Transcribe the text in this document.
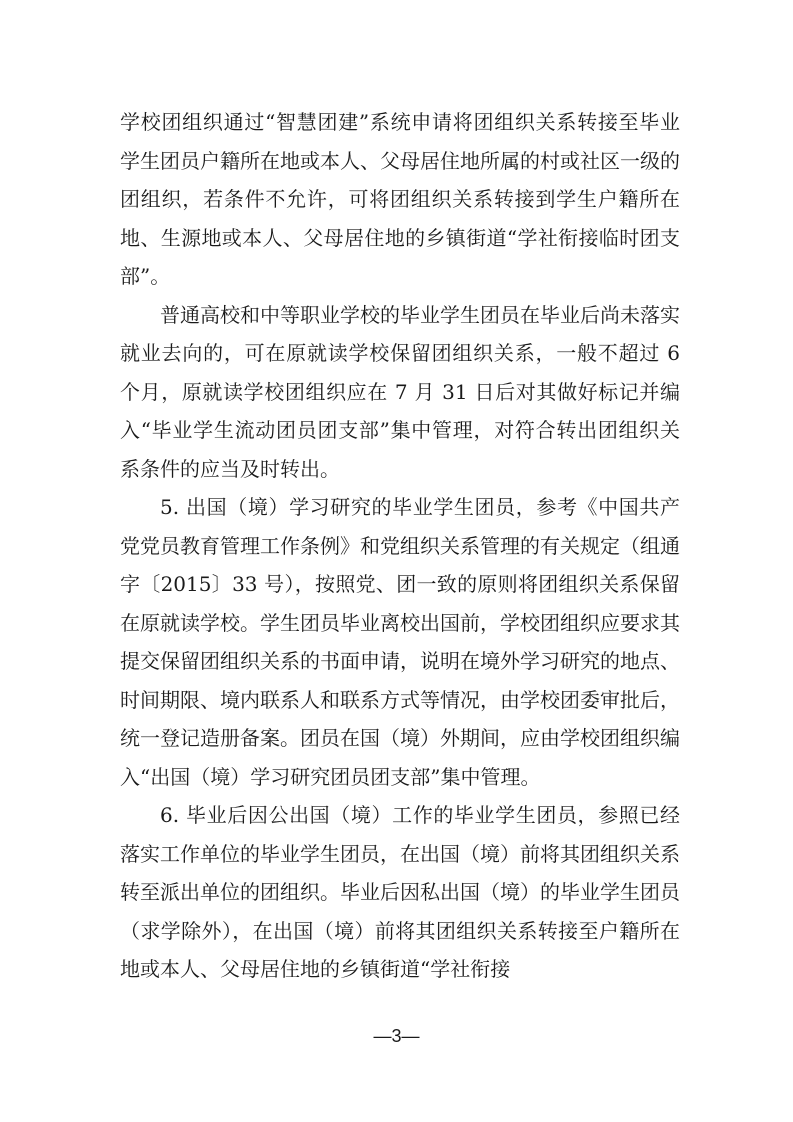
学校团组织通过“智慧团建”系统申请将团组织关系转接至毕业学生团员户籍所在地或本人、父母居住地所属的村或社区一级的团组织，若条件不允许，可将团组织关系转接到学生户籍所在地、生源地或本人、父母居住地的乡镇街道“学社衔接临时团支部”。

普通高校和中等职业学校的毕业学生团员在毕业后尚未落实就业去向的，可在原就读学校保留团组织关系，一般不超过 6 个月，原就读学校团组织应在 7 月 31 日后对其做好标记并编入“毕业学生流动团员团支部”集中管理，对符合转出团组织关系条件的应当及时转出。

5. 出国（境）学习研究的毕业学生团员，参考《中国共产党党员教育管理工作条例》和党组织关系管理的有关规定（组通字〔2015〕33 号），按照党、团一致的原则将团组织关系保留在原就读学校。学生团员毕业离校出国前，学校团组织应要求其提交保留团组织关系的书面申请，说明在境外学习研究的地点、时间期限、境内联系人和联系方式等情况，由学校团委审批后，统一登记造册备案。团员在国（境）外期间，应由学校团组织编入“出国（境）学习研究团员团支部”集中管理。

6. 毕业后因公出国（境）工作的毕业学生团员，参照已经落实工作单位的毕业学生团员，在出国（境）前将其团组织关系转至派出单位的团组织。毕业后因私出国（境）的毕业学生团员（求学除外），在出国（境）前将其团组织关系转接至户籍所在地或本人、父母居住地的乡镇街道“学社衔接

—3—
